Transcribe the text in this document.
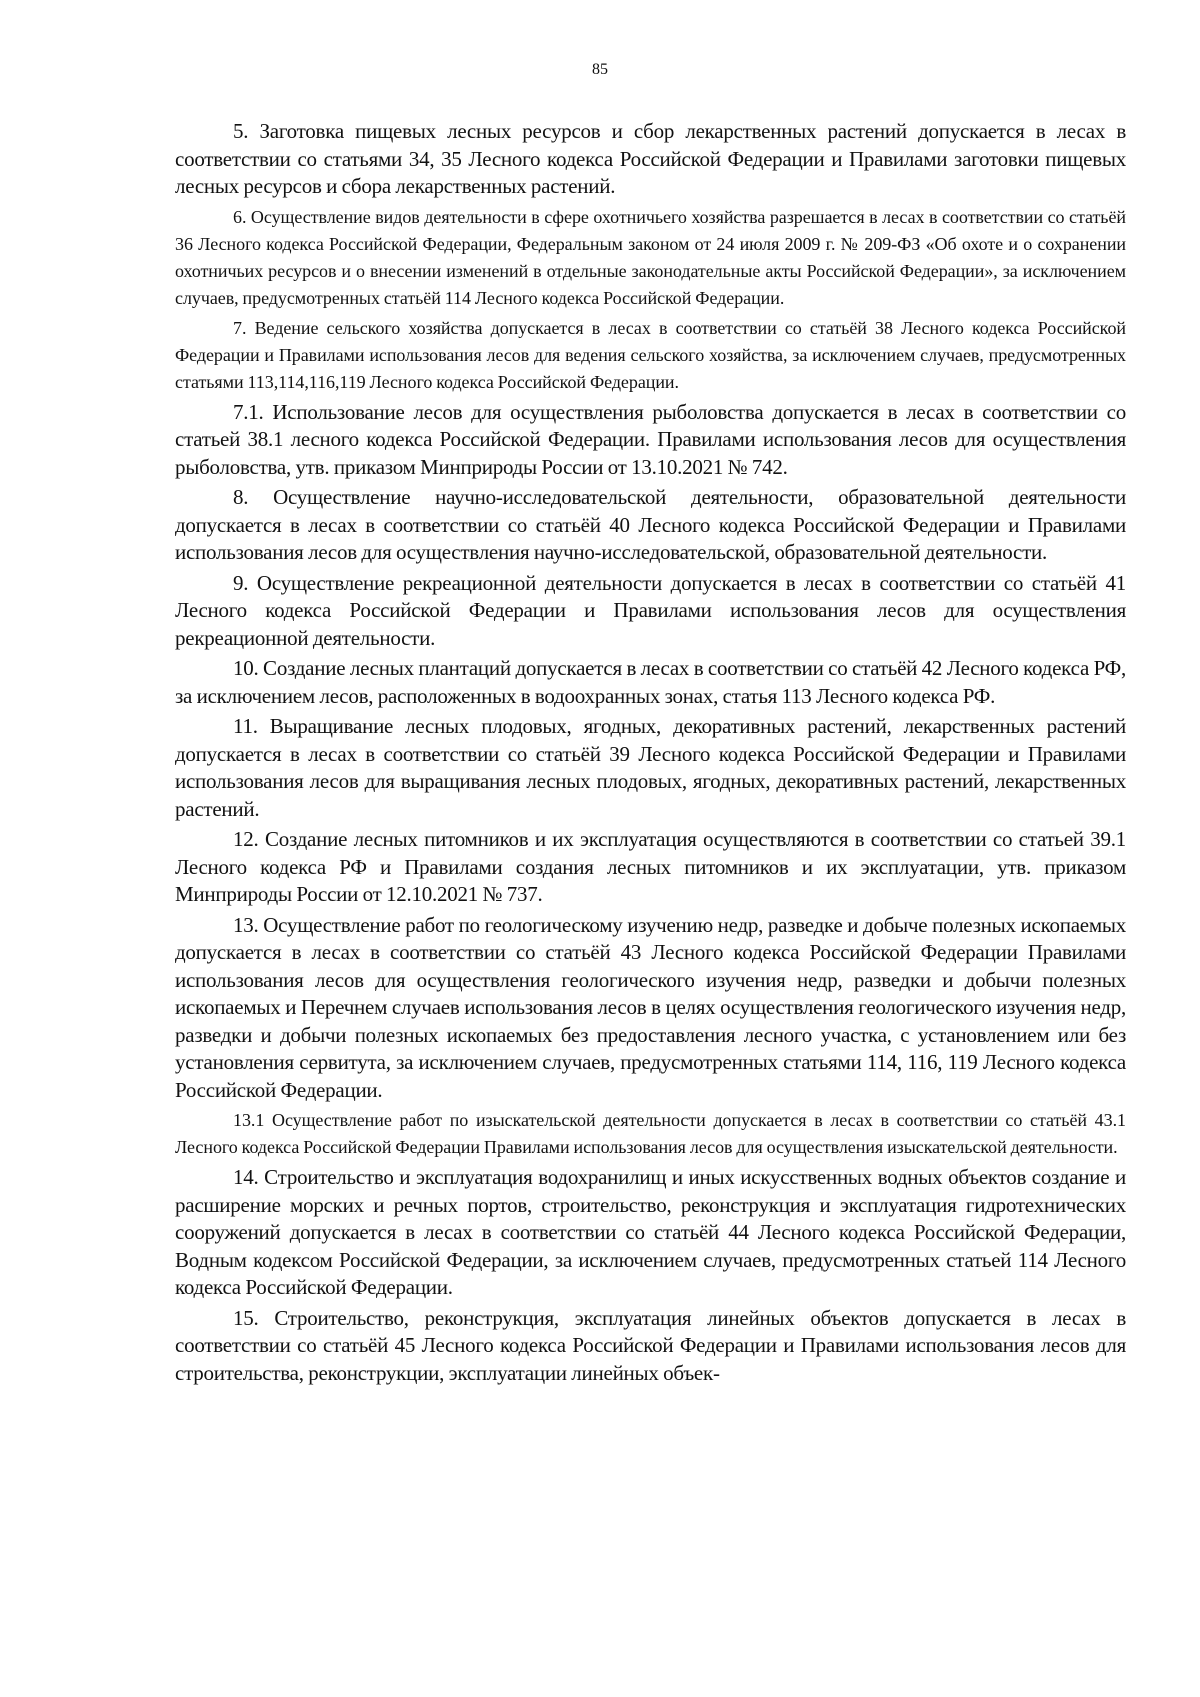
85

5. Заготовка пищевых лесных ресурсов и сбор лекарственных растений допускается в лесах в соответствии со статьями 34, 35 Лесного кодекса Российской Федерации и Правилами заготовки пищевых лесных ресурсов и сбора лекарственных растений.

6. Осуществление видов деятельности в сфере охотничьего хозяйства разрешается в лесах в соответствии со статьёй 36 Лесного кодекса Российской Федерации, Федеральным законом от 24 июля 2009 г. № 209-ФЗ «Об охоте и о сохранении охотничьих ресурсов и о внесении изменений в отдельные законодательные акты Российской Федерации», за исключением случаев, предусмотренных статьёй 114 Лесного кодекса Российской Федерации.

7. Ведение сельского хозяйства допускается в лесах в соответствии со статьёй 38 Лесного кодекса Российской Федерации и Правилами использования лесов для ведения сельского хозяйства, за исключением случаев, предусмотренных статьями 113,114,116,119 Лесного кодекса Российской Федерации.

7.1. Использование лесов для осуществления рыболовства допускается в лесах в соответствии со статьей 38.1 лесного кодекса Российской Федерации. Правилами использования лесов для осуществления рыболовства, утв. приказом Минприроды России от 13.10.2021 № 742.

8. Осуществление научно-исследовательской деятельности, образовательной деятельности допускается в лесах в соответствии со статьёй 40 Лесного кодекса Российской Федерации и Правилами использования лесов для осуществления научно-исследовательской, образовательной деятельности.

9. Осуществление рекреационной деятельности допускается в лесах в соответствии со статьёй 41 Лесного кодекса Российской Федерации и Правилами использования лесов для осуществления рекреационной деятельности.

10. Создание лесных плантаций допускается в лесах в соответствии со статьёй 42 Лесного кодекса РФ, за исключением лесов, расположенных в водоохранных зонах, статья 113 Лесного кодекса РФ.

11. Выращивание лесных плодовых, ягодных, декоративных растений, лекарственных растений допускается в лесах в соответствии со статьёй 39 Лесного кодекса Российской Федерации и Правилами использования лесов для выращивания лесных плодовых, ягодных, декоративных растений, лекарственных растений.

12. Создание лесных питомников и их эксплуатация осуществляются в соответствии со статьей 39.1 Лесного кодекса РФ и Правилами создания лесных питомников и их эксплуатации, утв. приказом Минприроды России от 12.10.2021 № 737.

13. Осуществление работ по геологическому изучению недр, разведке и добыче полезных ископаемых допускается в лесах в соответствии со статьёй 43 Лесного кодекса Российской Федерации Правилами использования лесов для осуществления геологического изучения недр, разведки и добычи полезных ископаемых и Перечнем случаев использования лесов в целях осуществления геологического изучения недр, разведки и добычи полезных ископаемых без предоставления лесного участка, с установлением или без установления сервитута, за исключением случаев, предусмотренных статьями 114, 116, 119 Лесного кодекса Российской Федерации.

13.1 Осуществление работ по изыскательской деятельности допускается в лесах в соответствии со статьёй 43.1 Лесного кодекса Российской Федерации Правилами использования лесов для осуществления изыскательской деятельности.

14. Строительство и эксплуатация водохранилищ и иных искусственных водных объектов создание и расширение морских и речных портов, строительство, реконструкция и эксплуатация гидротехнических сооружений допускается в лесах в соответствии со статьёй 44 Лесного кодекса Российской Федерации, Водным кодексом Российской Федерации, за исключением случаев, предусмотренных статьей 114 Лесного кодекса Российской Федерации.

15. Строительство, реконструкция, эксплуатация линейных объектов допускается в лесах в соответствии со статьёй 45 Лесного кодекса Российской Федерации и Правилами использования лесов для строительства, реконструкции, эксплуатации линейных объек-
